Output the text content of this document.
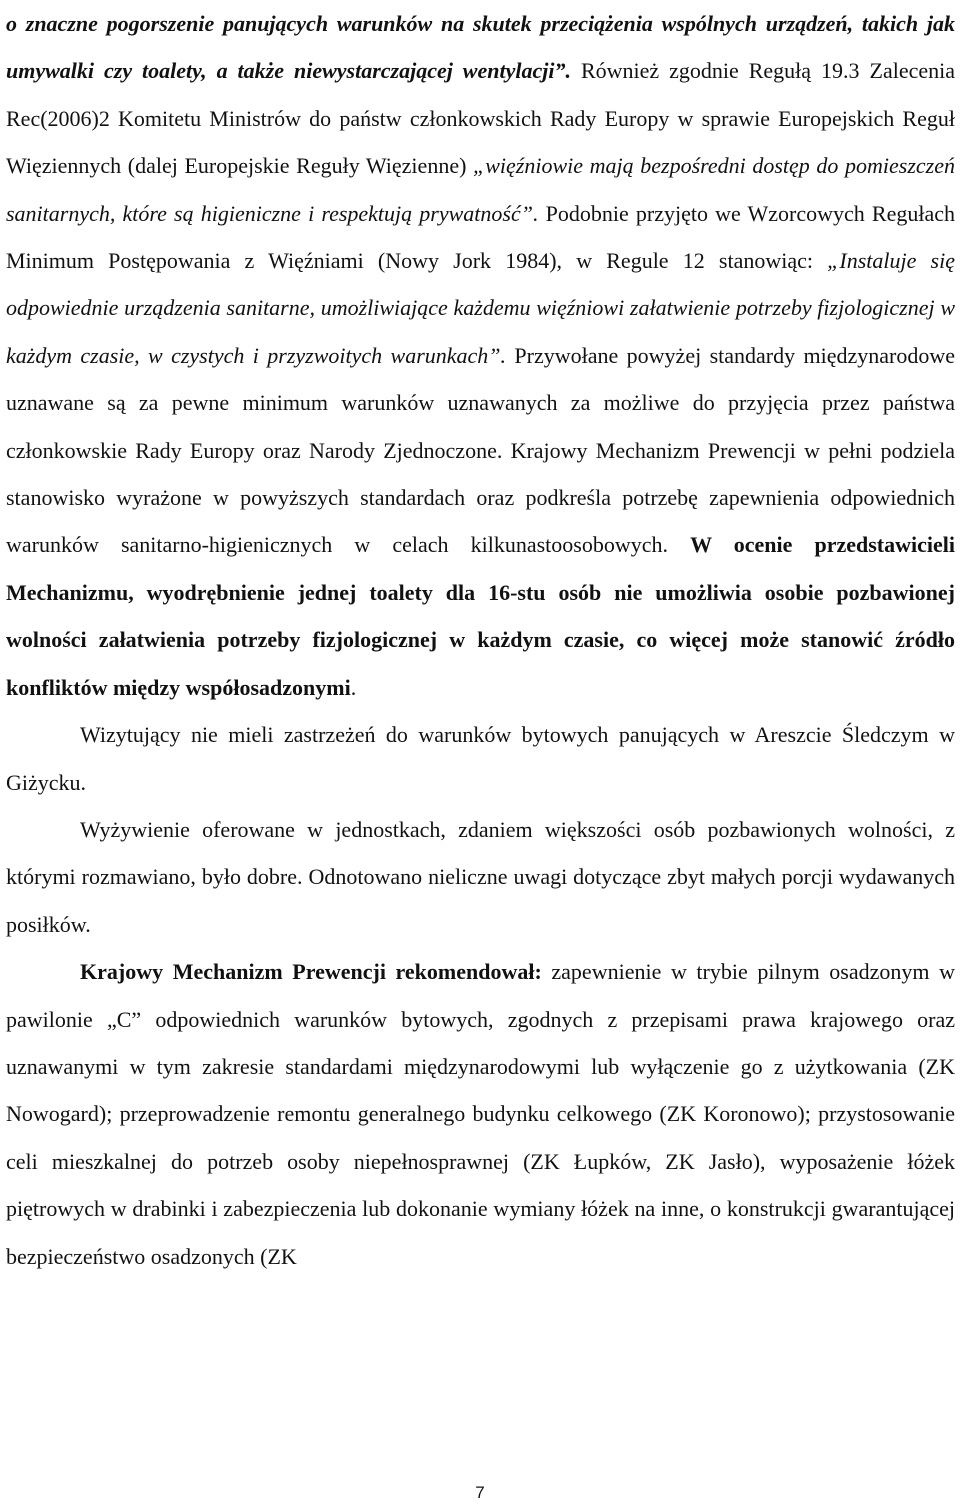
o znaczne pogorszenie panujących warunków na skutek przeciążenia wspólnych urządzeń, takich jak umywalki czy toalety, a także niewystarczającej wentylacji”. Również zgodnie Regułą 19.3 Zalecenia Rec(2006)2 Komitetu Ministrów do państw członkowskich Rady Europy w sprawie Europejskich Reguł Więziennych (dalej Europejskie Reguły Więzienne) „więźniowie mają bezpośredni dostęp do pomieszczeń sanitarnych, które są higieniczne i respektują prywatność”. Podobnie przyjęto we Wzorcowych Regułach Minimum Postępowania z Więźniami (Nowy Jork 1984), w Regule 12 stanowiąc: „Instaluje się odpowiednie urządzenia sanitarne, umożliwiające każdemu więźniowi załatwienie potrzeby fizjologicznej w każdym czasie, w czystych i przyzwoitych warunkach”. Przywołane powyżej standardy międzynarodowe uznawane są za pewne minimum warunków uznawanych za możliwe do przyjęcia przez państwa członkowskie Rady Europy oraz Narody Zjednoczone. Krajowy Mechanizm Prewencji w pełni podziela stanowisko wyrażone w powyższych standardach oraz podkreśla potrzebę zapewnienia odpowiednich warunków sanitarno-higienicznych w celach kilkunastoosobowych. W ocenie przedstawicieli Mechanizmu, wyodrębnienie jednej toalety dla 16-stu osób nie umożliwia osobie pozbawionej wolności załatwienia potrzeby fizjologicznej w każdym czasie, co więcej może stanowić źródło konfliktów między współosadzonymi.

Wizytujący nie mieli zastrzeżeń do warunków bytowych panujących w Areszcie Śledczym w Giżycku.

Wyżywienie oferowane w jednostkach, zdaniem większości osób pozbawionych wolności, z którymi rozmawiano, było dobre. Odnotowano nieliczne uwagi dotyczące zbyt małych porcji wydawanych posiłków.

Krajowy Mechanizm Prewencji rekomendował: zapewnienie w trybie pilnym osadzonym w pawilonie „C” odpowiednich warunków bytowych, zgodnych z przepisami prawa krajowego oraz uznawanymi w tym zakresie standardami międzynarodowymi lub wyłączenie go z użytkowania (ZK Nowogard); przeprowadzenie remontu generalnego budynku celkowego (ZK Koronowo); przystosowanie celi mieszkalnej do potrzeb osoby niepełnosprawnej (ZK Łupków, ZK Jasło), wyposażenie łóżek piętrowych w drabinki i zabezpieczenia lub dokonanie wymiany łóżek na inne, o konstrukcji gwarantującej bezpieczeństwo osadzonych (ZK

7
